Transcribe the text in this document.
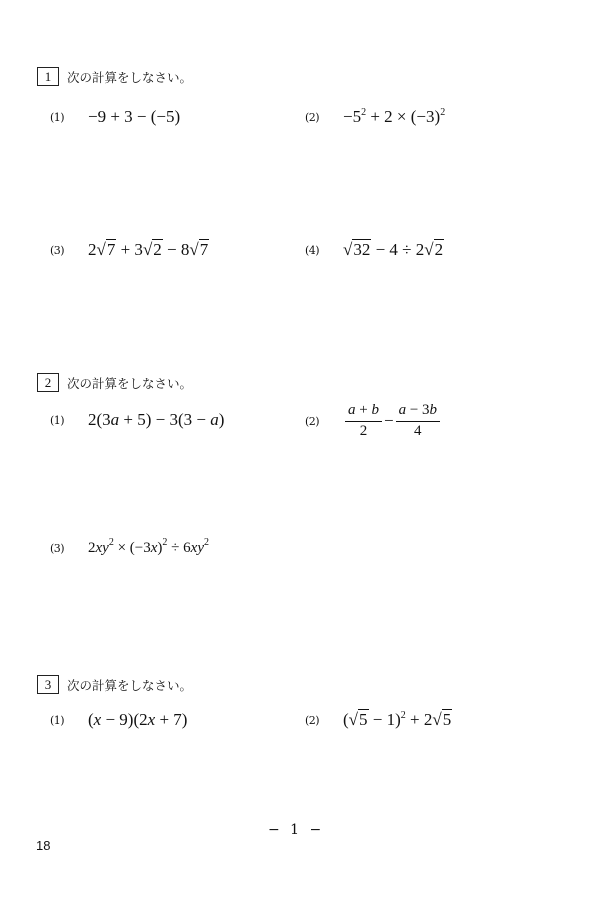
1	次の計算をしなさい。
(1)	−9 + 3 − (−5)	(2)	$-5^2 + 2 \times (-3)^2$
(3)	2√7 + 3√2 − 8√7	(4)	√32 − 4 ÷ 2√2
2	次の計算をしなさい。
(1)	2(3a + 5) − 3(3 − a)	(2)	$\frac{a + b}{2} - \frac{a - 3b}{4}$
(3)	$2xy^2 \times (-3x)^2 \div 6xy^2$
3	次の計算をしなさい。
(1)	(x − 9)(2x + 7)	(2)	$(√5 - 1)^2 + 2√5$
− 1 −
18
